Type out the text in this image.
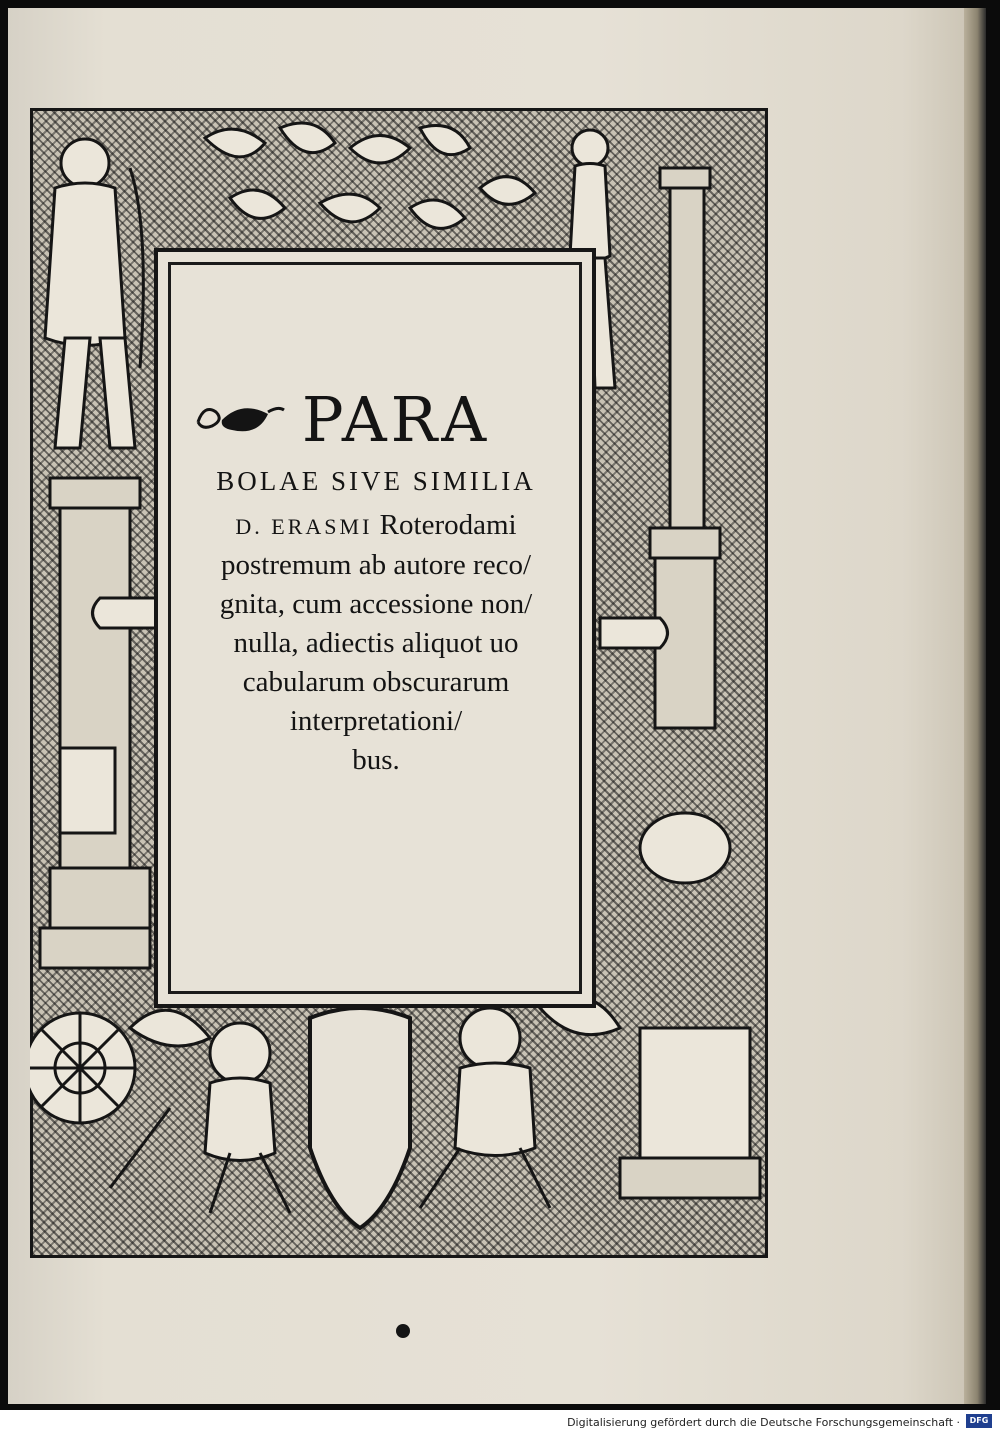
PARA
BOLAE SIVE SIMILIA
D. ERASMI Roterodami
postremum ab autore reco/
gnita, cum accessione non/
nulla, adiectis aliquot uo
cabularum obscurarum
interpretationi/
bus.
Digitalisierung gefördert durch die Deutsche Forschungsgemeinschaft ·	DFG
